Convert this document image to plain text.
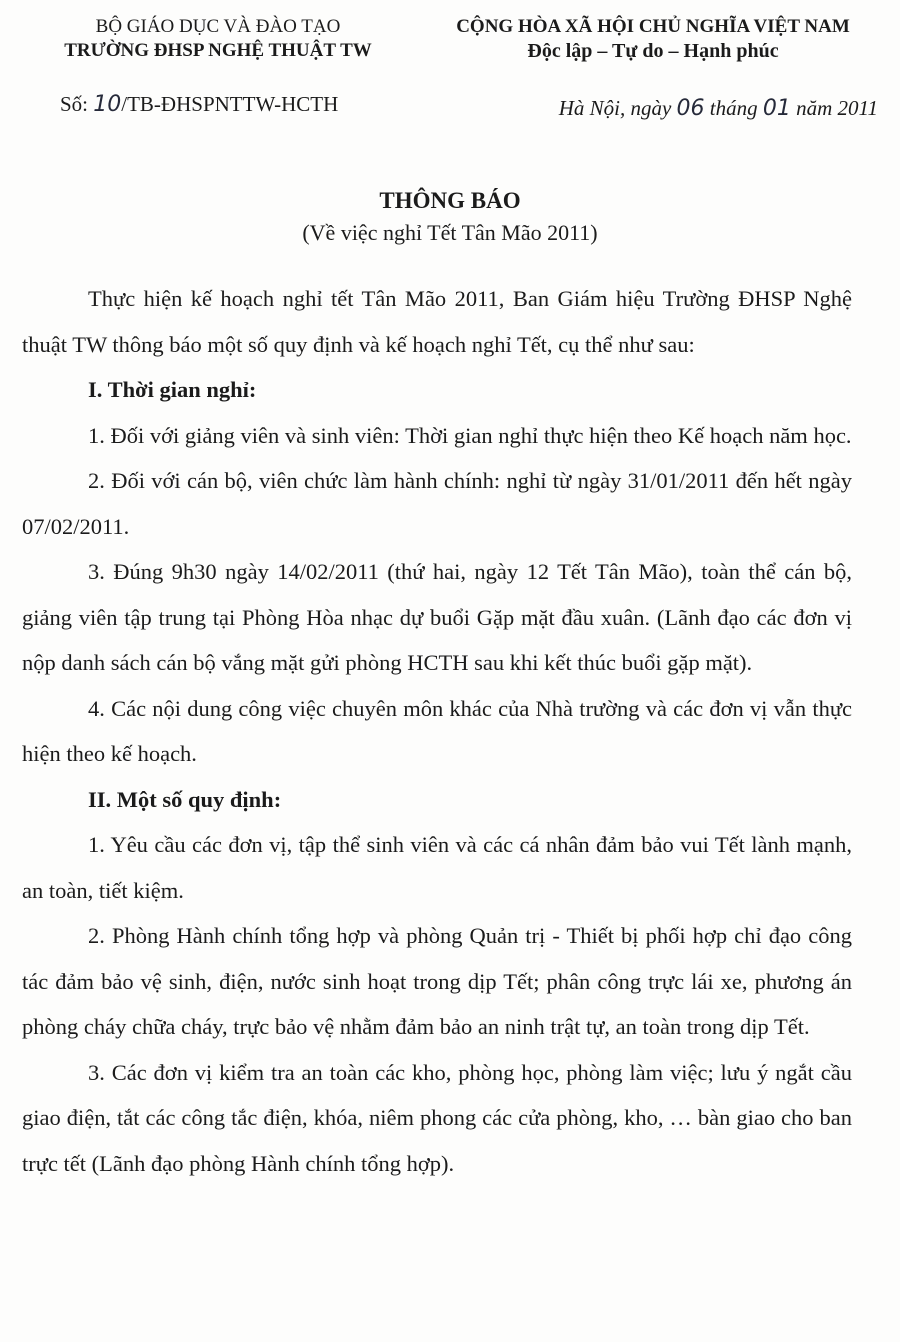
BỘ GIÁO DỤC VÀ ĐÀO TẠO
TRƯỜNG ĐHSP NGHỆ THUẬT TW
CỘNG HÒA XÃ HỘI CHỦ NGHĨA VIỆT NAM
Độc lập – Tự do – Hạnh phúc
Số: 10/TB-ĐHSPNTTW-HCTH	Hà Nội, ngày 06 tháng 01 năm 2011
THÔNG BÁO
(Về việc nghỉ Tết Tân Mão 2011)

Thực hiện kế hoạch nghỉ tết Tân Mão 2011, Ban Giám hiệu Trường ĐHSP Nghệ thuật TW thông báo một số quy định và kế hoạch nghỉ Tết, cụ thể như sau:

I. Thời gian nghỉ:

1. Đối với giảng viên và sinh viên: Thời gian nghỉ thực hiện theo Kế hoạch năm học.

2. Đối với cán bộ, viên chức làm hành chính: nghỉ từ ngày 31/01/2011 đến hết ngày 07/02/2011.

3. Đúng 9h30 ngày 14/02/2011 (thứ hai, ngày 12 Tết Tân Mão), toàn thể cán bộ, giảng viên tập trung tại Phòng Hòa nhạc dự buổi Gặp mặt đầu xuân. (Lãnh đạo các đơn vị nộp danh sách cán bộ vắng mặt gửi phòng HCTH sau khi kết thúc buổi gặp mặt).

4. Các nội dung công việc chuyên môn khác của Nhà trường và các đơn vị vẫn thực hiện theo kế hoạch.

II. Một số quy định:

1. Yêu cầu các đơn vị, tập thể sinh viên và các cá nhân đảm bảo vui Tết lành mạnh, an toàn, tiết kiệm.

2. Phòng Hành chính tổng hợp và phòng Quản trị - Thiết bị phối hợp chỉ đạo công tác đảm bảo vệ sinh, điện, nước sinh hoạt trong dịp Tết; phân công trực lái xe, phương án phòng cháy chữa cháy, trực bảo vệ nhằm đảm bảo an ninh trật tự, an toàn trong dịp Tết.

3. Các đơn vị kiểm tra an toàn các kho, phòng học, phòng làm việc; lưu ý ngắt cầu giao điện, tắt các công tắc điện, khóa, niêm phong các cửa phòng, kho, … bàn giao cho ban trực tết (Lãnh đạo phòng Hành chính tổng hợp).
